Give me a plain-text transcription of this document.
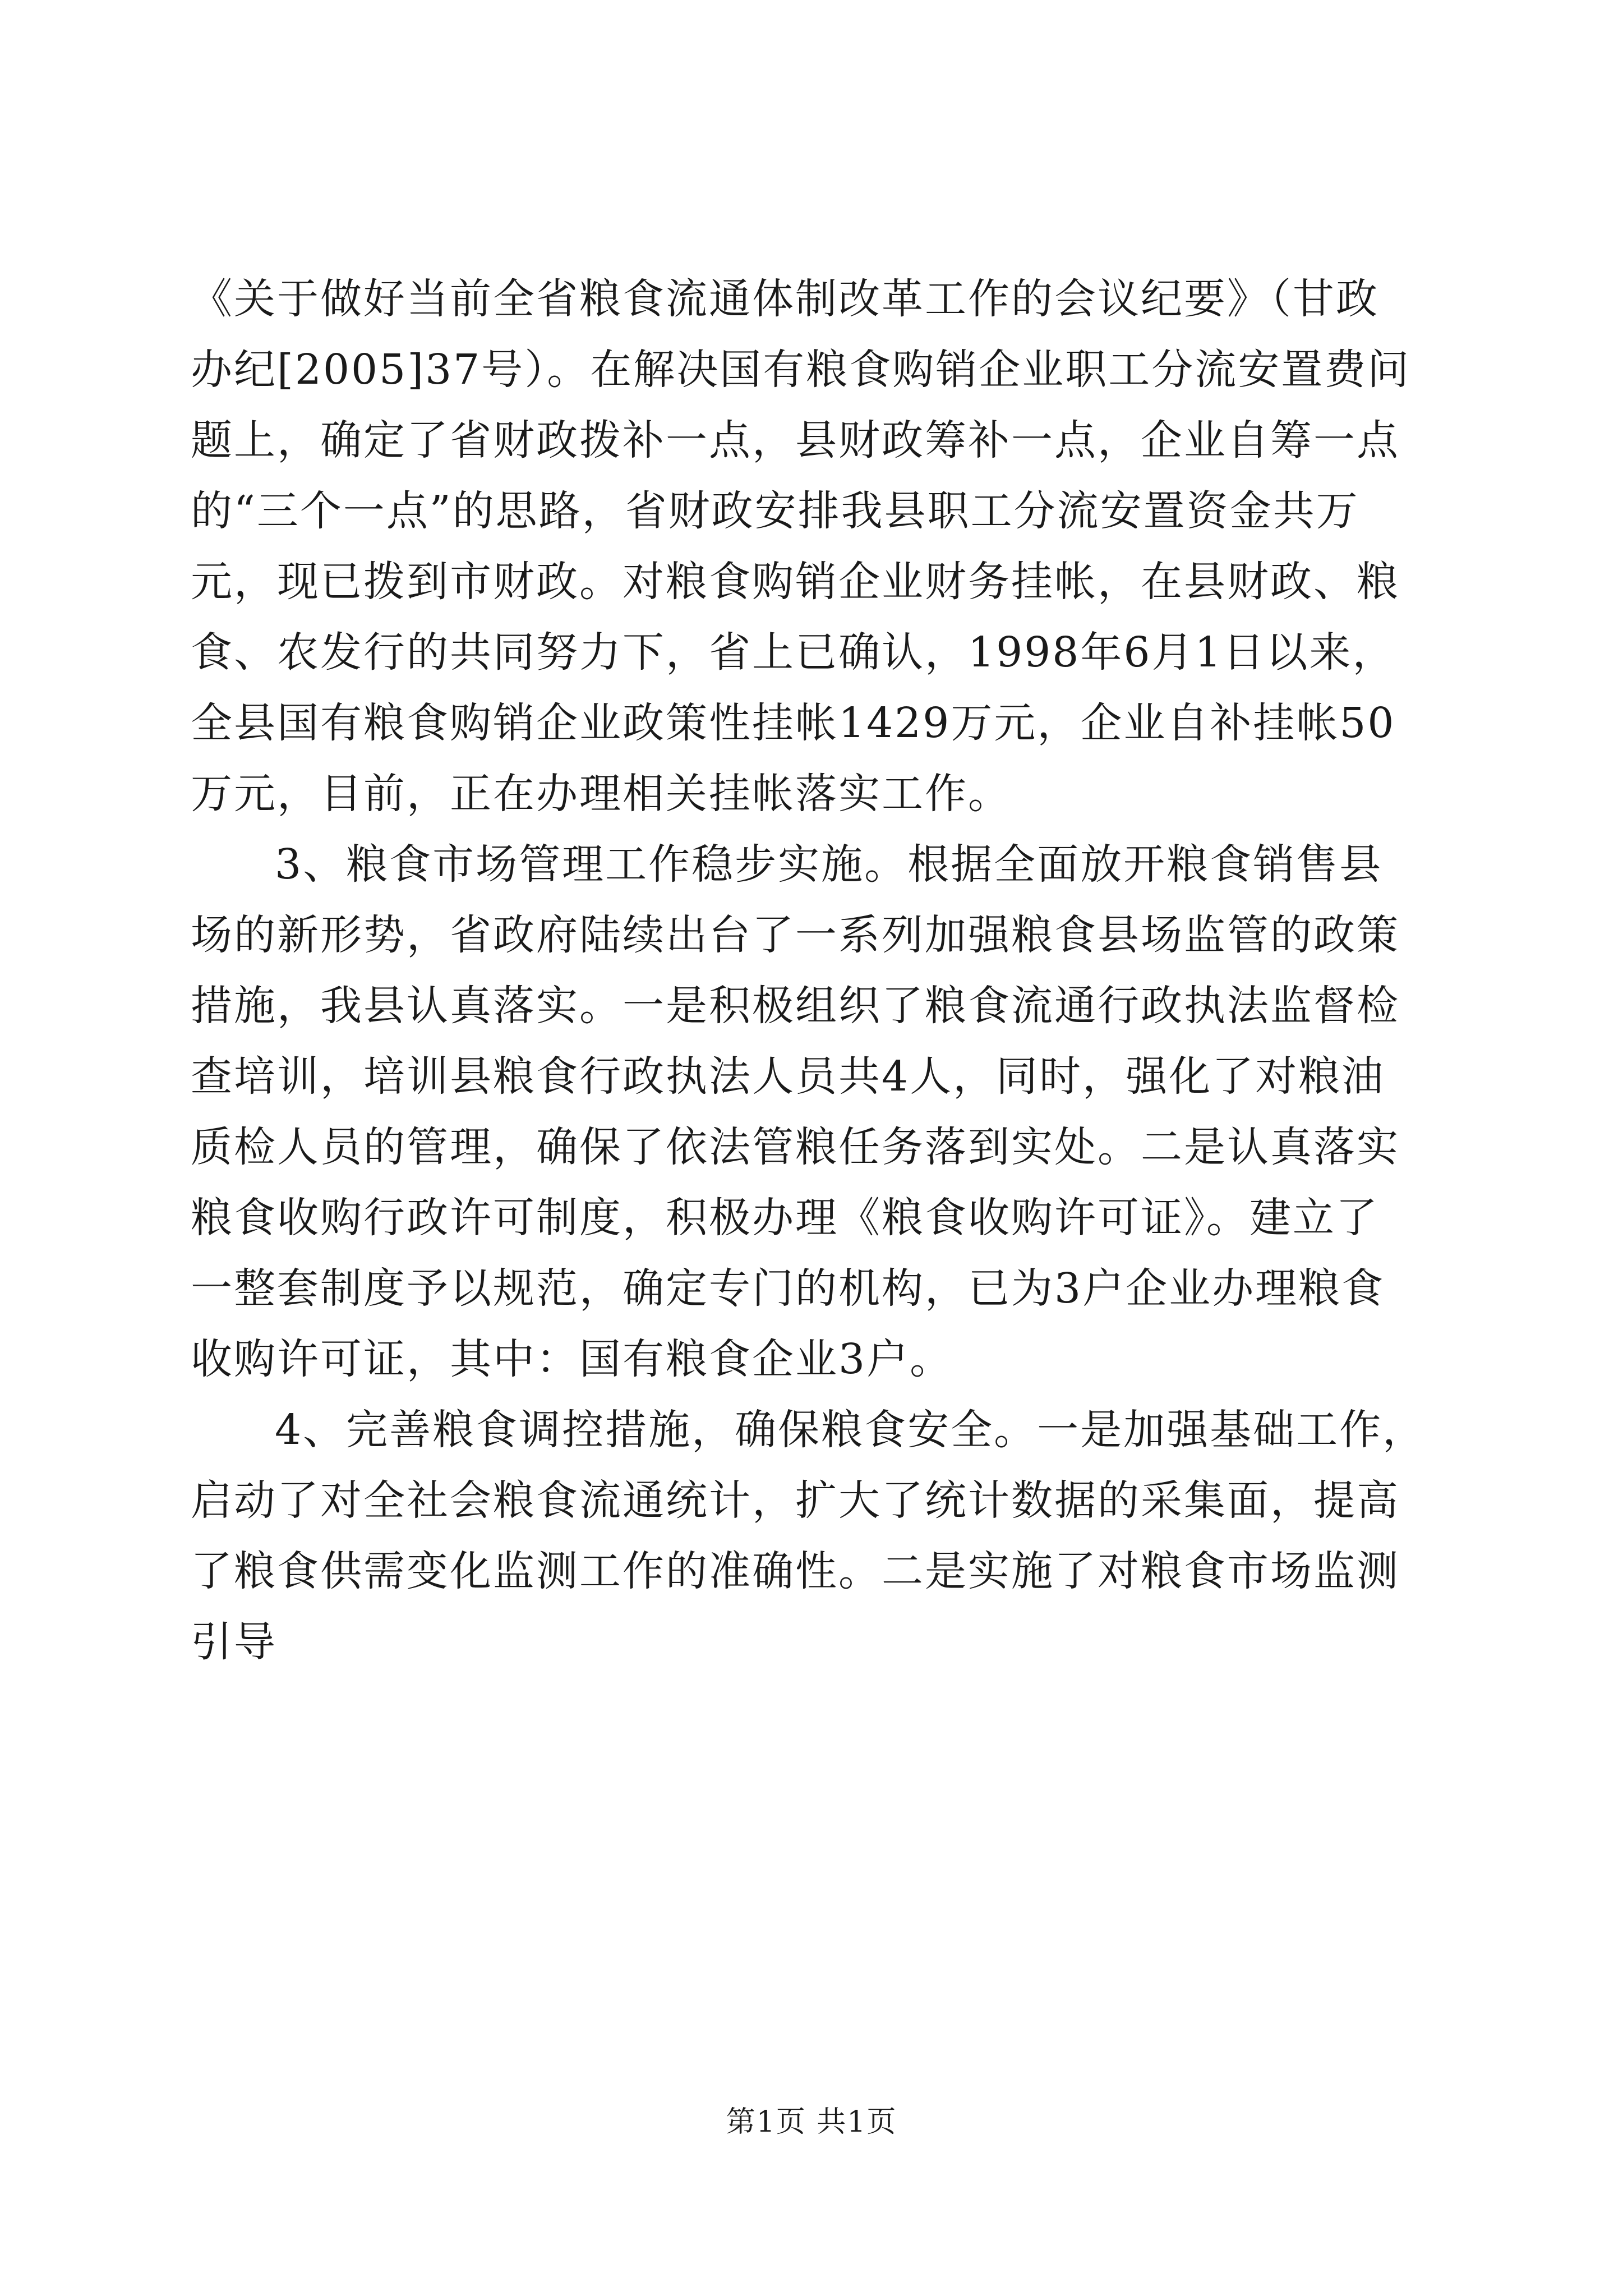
《关于做好当前全省粮食流通体制改革工作的会议纪要》（甘政
办纪[2005]37号）。在解决国有粮食购销企业职工分流安置费问
题上，确定了省财政拨补一点，县财政筹补一点，企业自筹一点
的“三个一点”的思路，省财政安排我县职工分流安置资金共万
元，现已拨到市财政。对粮食购销企业财务挂帐，在县财政、粮
食、农发行的共同努力下，省上已确认，1998年6月1日以来，
全县国有粮食购销企业政策性挂帐1429万元，企业自补挂帐50
万元，目前，正在办理相关挂帐落实工作。
3、粮食市场管理工作稳步实施。根据全面放开粮食销售县
场的新形势，省政府陆续出台了一系列加强粮食县场监管的政策
措施，我县认真落实。一是积极组织了粮食流通行政执法监督检
查培训，培训县粮食行政执法人员共4人，同时，强化了对粮油
质检人员的管理，确保了依法管粮任务落到实处。二是认真落实
粮食收购行政许可制度，积极办理《粮食收购许可证》。建立了
一整套制度予以规范，确定专门的机构，已为3户企业办理粮食
收购许可证，其中：国有粮食企业3户。
4、完善粮食调控措施，确保粮食安全。一是加强基础工作，
启动了对全社会粮食流通统计，扩大了统计数据的采集面，提高
了粮食供需变化监测工作的准确性。二是实施了对粮食市场监测
引导
第1页 共1页
